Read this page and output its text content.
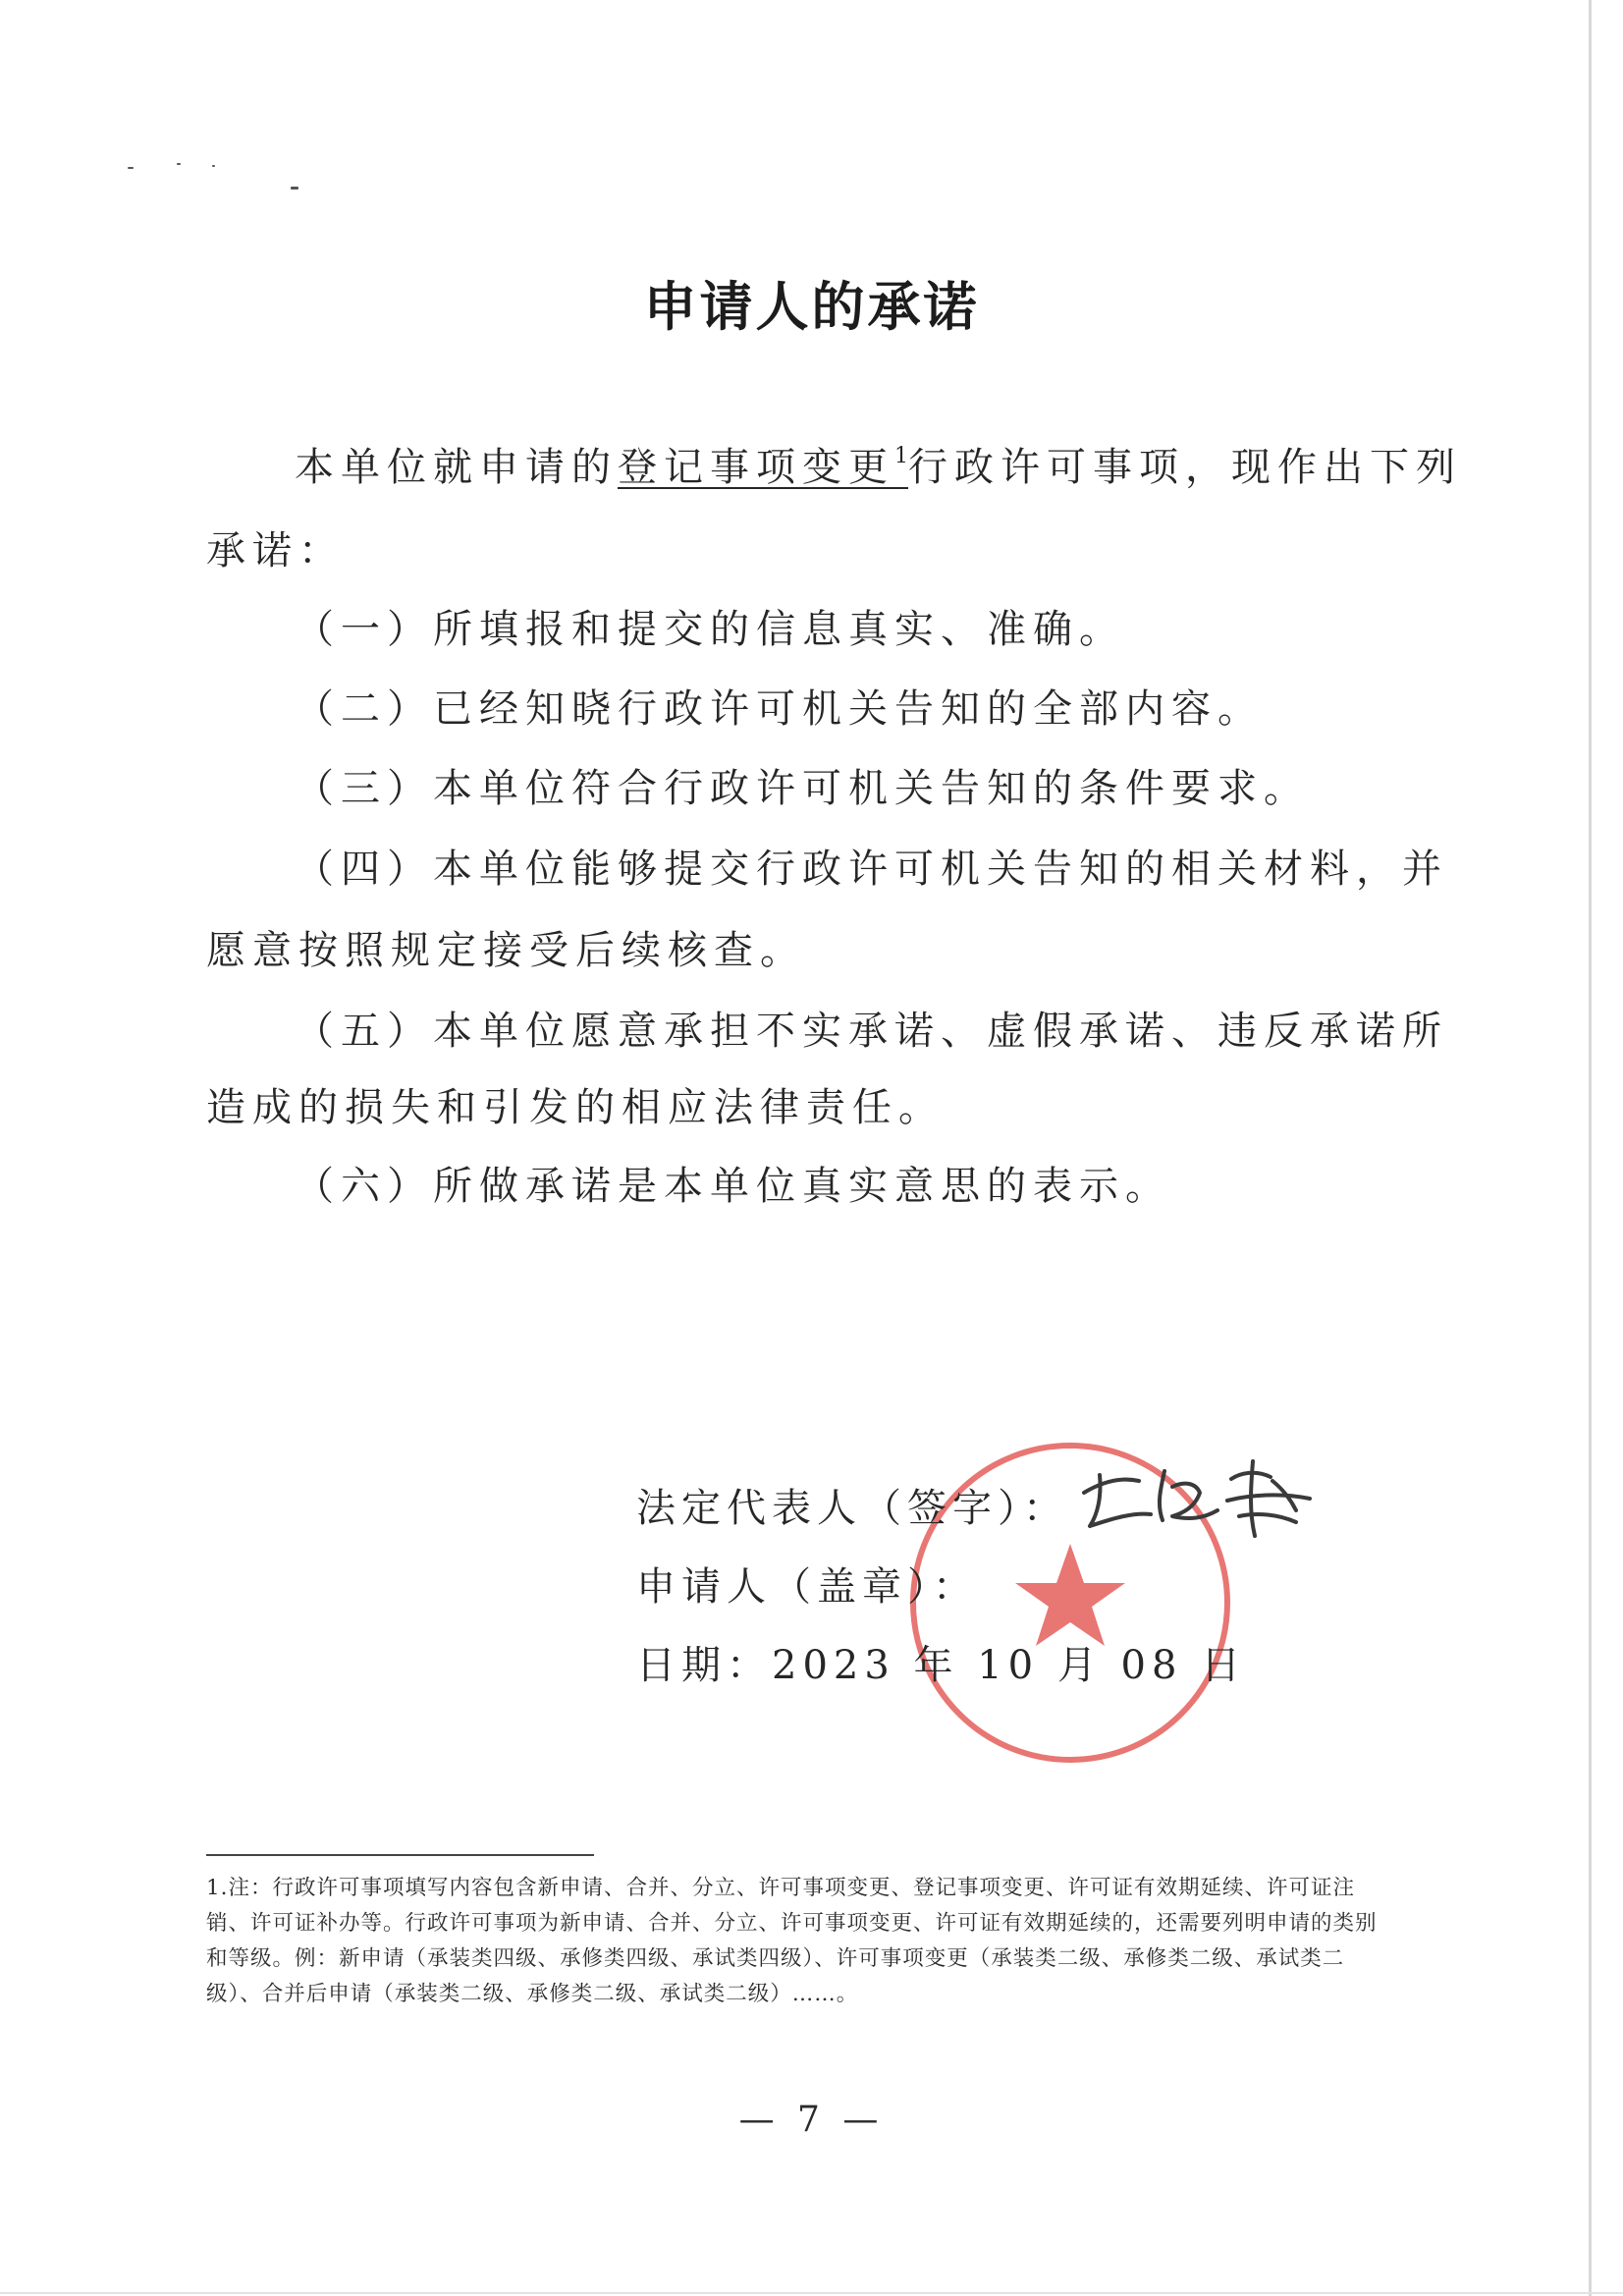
申请人的承诺
本单位就申请的登记事项变更$^1$行政许可事项，现作出下列
承诺：
（一）所填报和提交的信息真实、准确。
（二）已经知晓行政许可机关告知的全部内容。
（三）本单位符合行政许可机关告知的条件要求。
（四）本单位能够提交行政许可机关告知的相关材料，并
愿意按照规定接受后续核查。
（五）本单位愿意承担不实承诺、虚假承诺、违反承诺所
造成的损失和引发的相应法律责任。
（六）所做承诺是本单位真实意思的表示。
法定代表人（签字）：
申请人（盖章）：
日期：2023 年 10 月 08 日
1.注：行政许可事项填写内容包含新申请、合并、分立、许可事项变更、登记事项变更、许可证有效期延续、许可证注销、许可证补办等。行政许可事项为新申请、合并、分立、许可事项变更、许可证有效期延续的，还需要列明申请的类别和等级。例：新申请（承装类四级、承修类四级、承试类四级）、许可事项变更（承装类二级、承修类二级、承试类二级）、合并后申请（承装类二级、承修类二级、承试类二级）……。
— 7 —
